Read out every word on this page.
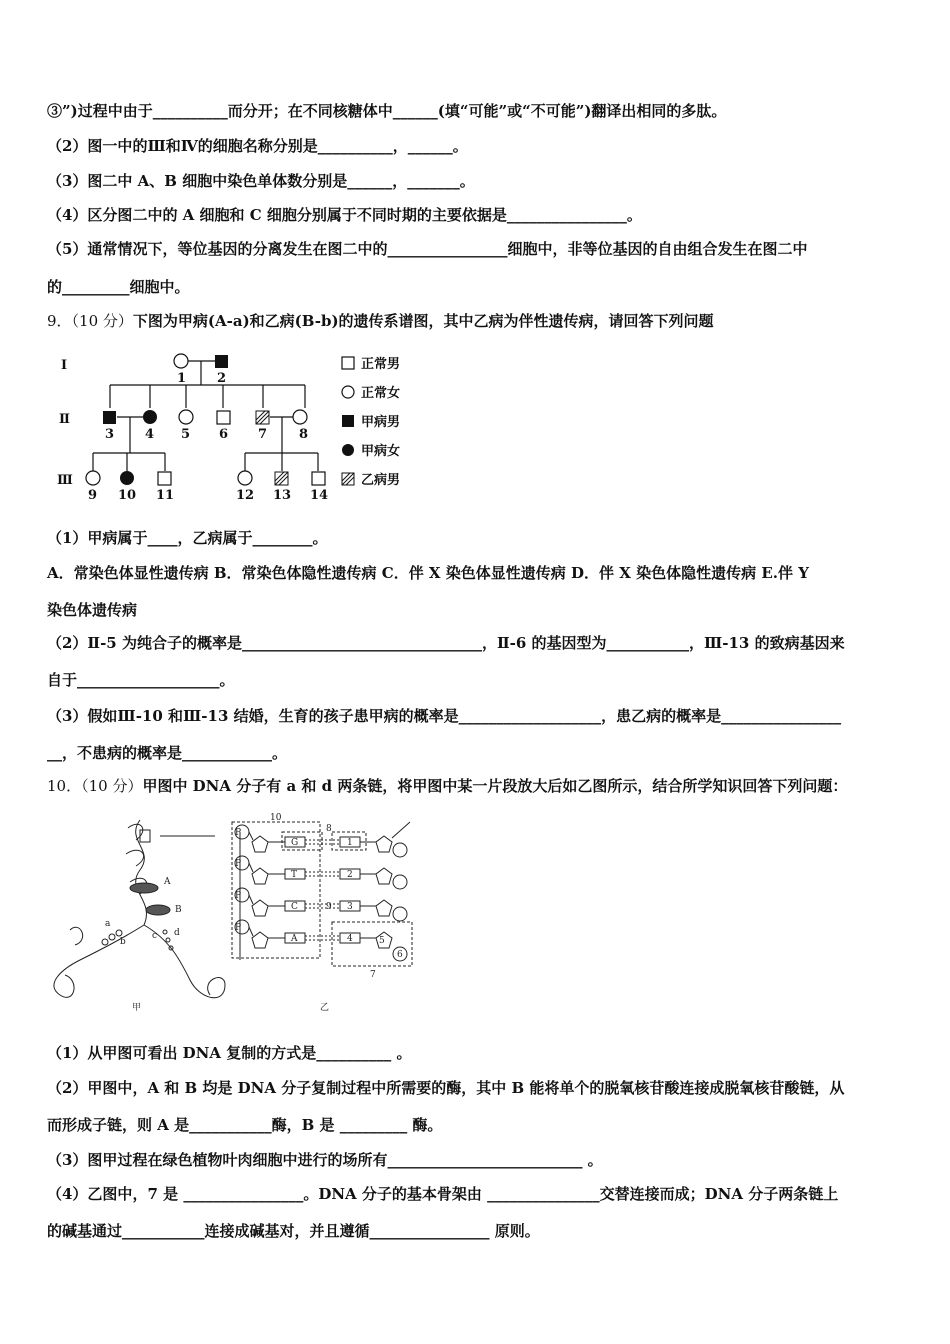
③”)过程中由于__________而分开；在不同核糖体中______(填“可能”或“不可能”)翻译出相同的多肽。
（2）图一中的Ⅲ和Ⅳ的细胞名称分别是__________，______。
（3）图二中 A、B 细胞中染色单体数分别是______，_______。
（4）区分图二中的 A 细胞和 C 细胞分别属于不同时期的主要依据是________________。
（5）通常情况下，等位基因的分离发生在图二中的________________细胞中，非等位基因的自由组合发生在图二中
的_________细胞中。
9．（10 分）下图为甲病(A-a)和乙病(B-b)的遗传系谱图，其中乙病为伴性遗传病，请回答下列问题
Ⅰ
Ⅱ
Ⅲ
1 2
3 4 5 6 7 8
9 10 11	12 13 14
正常男
正常女
甲病男
甲病女
乙病男
（1）甲病属于____，乙病属于________。
A．常染色体显性遗传病 B．常染色体隐性遗传病 C．伴 X 染色体显性遗传病 D．伴 X 染色体隐性遗传病 E.伴 Y
染色体遗传病
（2）Ⅱ-5 为纯合子的概率是________________________________，Ⅱ-6 的基因型为___________，Ⅲ-13 的致病基因来
自于___________________。
（3）假如Ⅲ-10 和Ⅲ-13 结婚，生育的孩子患甲病的概率是___________________，患乙病的概率是________________
__，不患病的概率是____________。
10．（10 分）甲图中 DNA 分子有 a 和 d 两条链，将甲图中某一片段放大后如乙图所示，结合所学知识回答下列问题：
A
B
a
b
c d
甲	乙
P
P
P
P
G
T
C
A
1
2
3
4
10
8
9
5
6
7
（1）从甲图可看出 DNA 复制的方式是__________ 。
（2）甲图中，A 和 B 均是 DNA 分子复制过程中所需要的酶，其中 B 能将单个的脱氧核苷酸连接成脱氧核苷酸链，从
而形成子链，则 A 是___________酶，B 是 _________ 酶。
（3）图甲过程在绿色植物叶肉细胞中进行的场所有__________________________ 。
（4）乙图中，7 是 ________________。DNA 分子的基本骨架由 _______________交替连接而成；DNA 分子两条链上
的碱基通过___________连接成碱基对，并且遵循________________ 原则。
